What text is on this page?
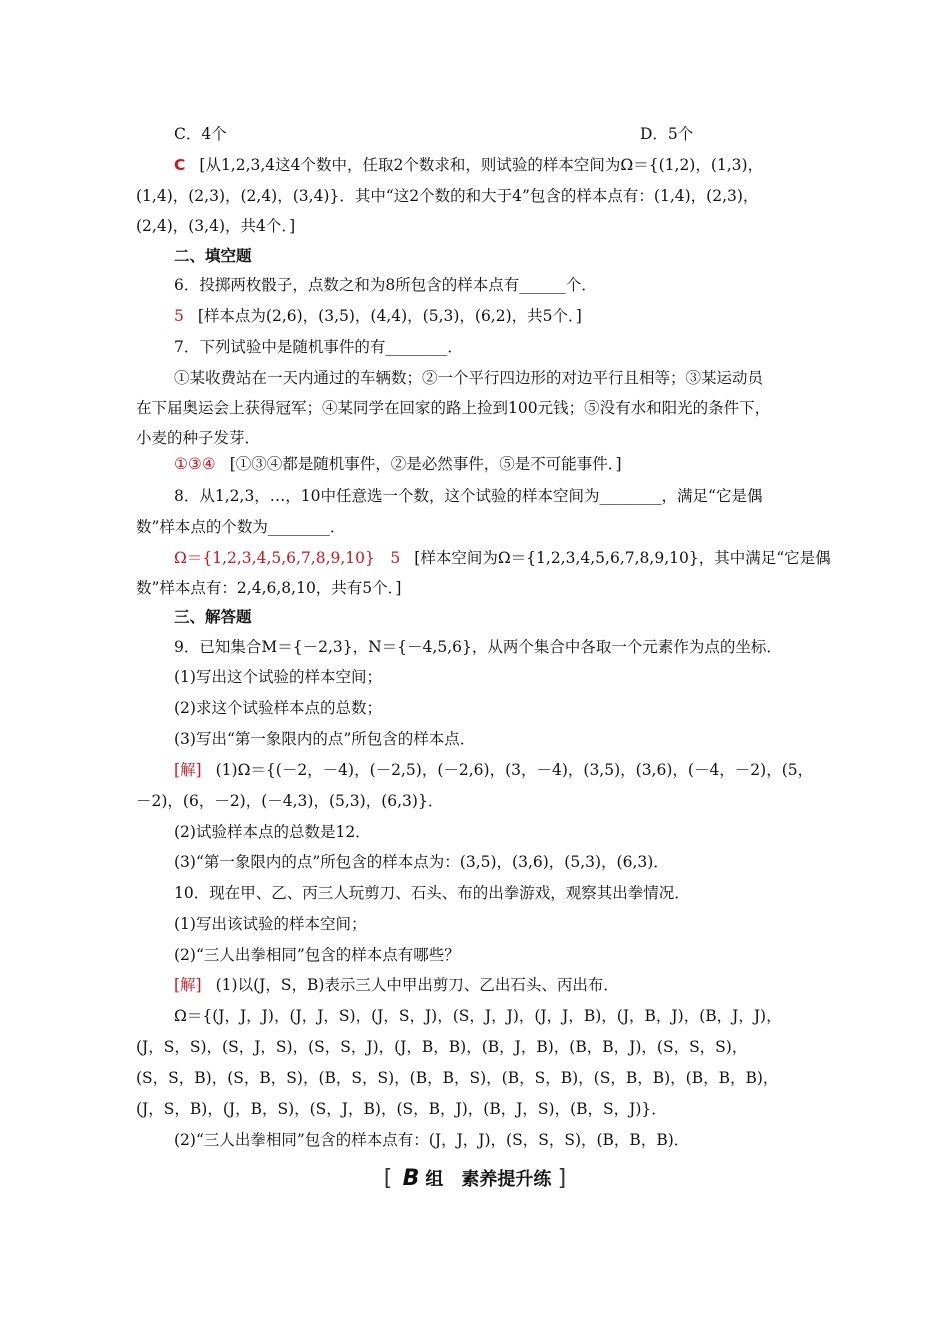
C．4个	D．5个
C [从1,2,3,4这4个数中，任取2个数求和，则试验的样本空间为Ω＝{(1,2)，(1,3)，
(1,4)，(2,3)，(2,4)，(3,4)}．其中“这2个数的和大于4”包含的样本点有：(1,4)，(2,3)，
(2,4)，(3,4)，共4个．]
二、填空题
6．投掷两枚骰子，点数之和为8所包含的样本点有______个．
5 [样本点为(2,6)，(3,5)，(4,4)，(5,3)，(6,2)，共5个．]
7．下列试验中是随机事件的有________．
①某收费站在一天内通过的车辆数；②一个平行四边形的对边平行且相等；③某运动员
在下届奥运会上获得冠军；④某同学在回家的路上捡到100元钱；⑤没有水和阳光的条件下，
小麦的种子发芽．
①③④ [①③④都是随机事件，②是必然事件，⑤是不可能事件．]
8．从1,2,3，…，10中任意选一个数，这个试验的样本空间为________，满足“它是偶
数”样本点的个数为________．
Ω＝{1,2,3,4,5,6,7,8,9,10}　5 [样本空间为Ω＝{1,2,3,4,5,6,7,8,9,10}，其中满足“它是偶
数”样本点有：2,4,6,8,10，共有5个．]
三、解答题
9．已知集合M＝{－2,3}，N＝{－4,5,6}，从两个集合中各取一个元素作为点的坐标．
(1)写出这个试验的样本空间；
(2)求这个试验样本点的总数；
(3)写出“第一象限内的点”所包含的样本点．
[解] (1)Ω＝{(－2，－4)，(－2,5)，(－2,6)，(3，－4)，(3,5)，(3,6)，(－4，－2)，(5，
－2)，(6，－2)，(－4,3)，(5,3)，(6,3)}．
(2)试验样本点的总数是12．
(3)“第一象限内的点”所包含的样本点为：(3,5)，(3,6)，(5,3)，(6,3)．
10．现在甲、乙、丙三人玩剪刀、石头、布的出拳游戏，观察其出拳情况．
(1)写出该试验的样本空间；
(2)“三人出拳相同”包含的样本点有哪些？
[解] (1)以(J，S，B)表示三人中甲出剪刀、乙出石头、丙出布．
Ω＝{(J，J，J)，(J，J，S)，(J，S，J)，(S，J，J)，(J，J，B)，(J，B，J)，(B，J，J)，
(J，S，S)，(S，J，S)，(S，S，J)，(J，B，B)，(B，J，B)，(B，B，J)，(S，S，S)，
(S，S，B)，(S，B，S)，(B，S，S)，(B，B，S)，(B，S，B)，(S，B，B)，(B，B，B)，
(J，S，B)，(J，B，S)，(S，J，B)，(S，B，J)，(B，J，S)，(B，S，J)}．
(2)“三人出拳相同”包含的样本点有：(J，J，J)，(S，S，S)，(B，B，B)．
[ B 组　素养提升练 ]
